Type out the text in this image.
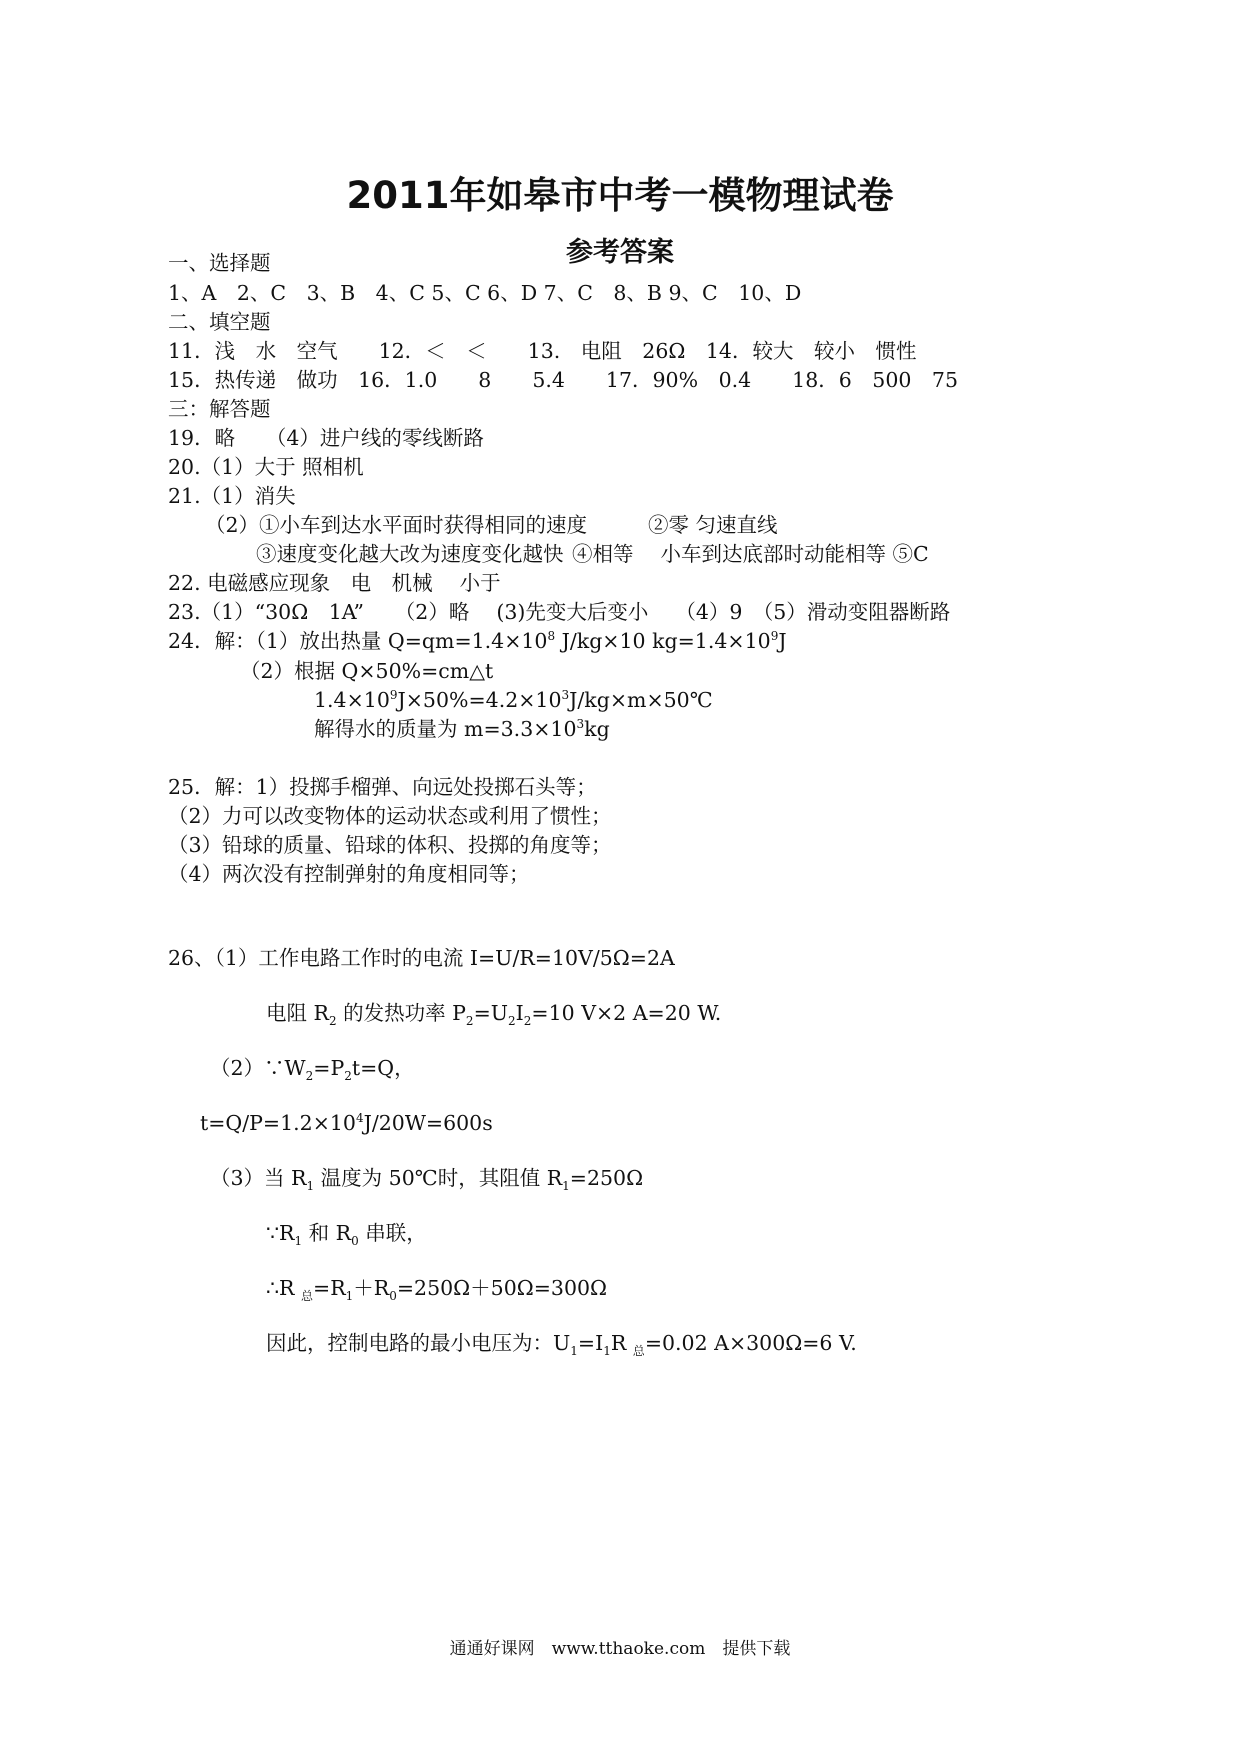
2011年如皋市中考一模物理试卷
参考答案
一、选择题
1、A　2、C　3、B　4、C 5、C 6、D 7、C　8、B 9、C　10、D
二、填空题
11．浅　水　空气　　12．＜　＜　　13.　电阻　26Ω　14．较大　较小　惯性
15．热传递　做功　16．1.0　　8　　5.4　　17．90%　0.4　　18．6　500　75
三：解答题
19．略　　（4）进户线的零线断路
20.（1）大于 照相机
21.（1）消失
（2）①小车到达水平面时获得相同的速度	②零 匀速直线
③速度变化越大改为速度变化越快 ④相等　 小车到达底部时动能相等 ⑤C
22. 电磁感应现象　电　机械　 小于
23.（1）“30Ω　1A”　　（2）略　 (3)先变大后变小　 （4）9　（5）滑动变阻器断路
24．解：（1）放出热量 $Q=qm=1.4\times 10^8$ J/kg×10 $kg=1.4\times 10^9J$
（2）根据 Q×50%=cm△t
$1.4\times 10^9J\times 50\%=4.2\times 10^3J/kg\times m\times 50℃$
解得水的质量为 $m=3.3\times 10^3kg$
25．解：1）投掷手榴弹、向远处投掷石头等；
（2）力可以改变物体的运动状态或利用了惯性；
（3）铅球的质量、铅球的体积、投掷的角度等；
（4）两次没有控制弹射的角度相同等；
26、（1）工作电路工作时的电流 I=U/R=10V/5Ω=2A
电阻 $R_2$ 的发热功率 $P_2=U_2I_2=10$ V×2 A=20 W.
$(2)\because W_2=P_2t=Q$，
$t=Q/P=1.2\times 10^4J/20W=600s$
（3）当 $R_1$ 温度为 50℃时，其阻值 $R_1=250\Omega$
$\because R_1$ 和 $R_0$ 串联，
∴R $_总=R_1+R_0=250\Omega+50\Omega=300\Omega$
因此，控制电路的最小电压为：$U_1=I_1R$ $_总$=0.02 A×300Ω=6 V.
通通好课网　www.tthaoke.com　提供下载
